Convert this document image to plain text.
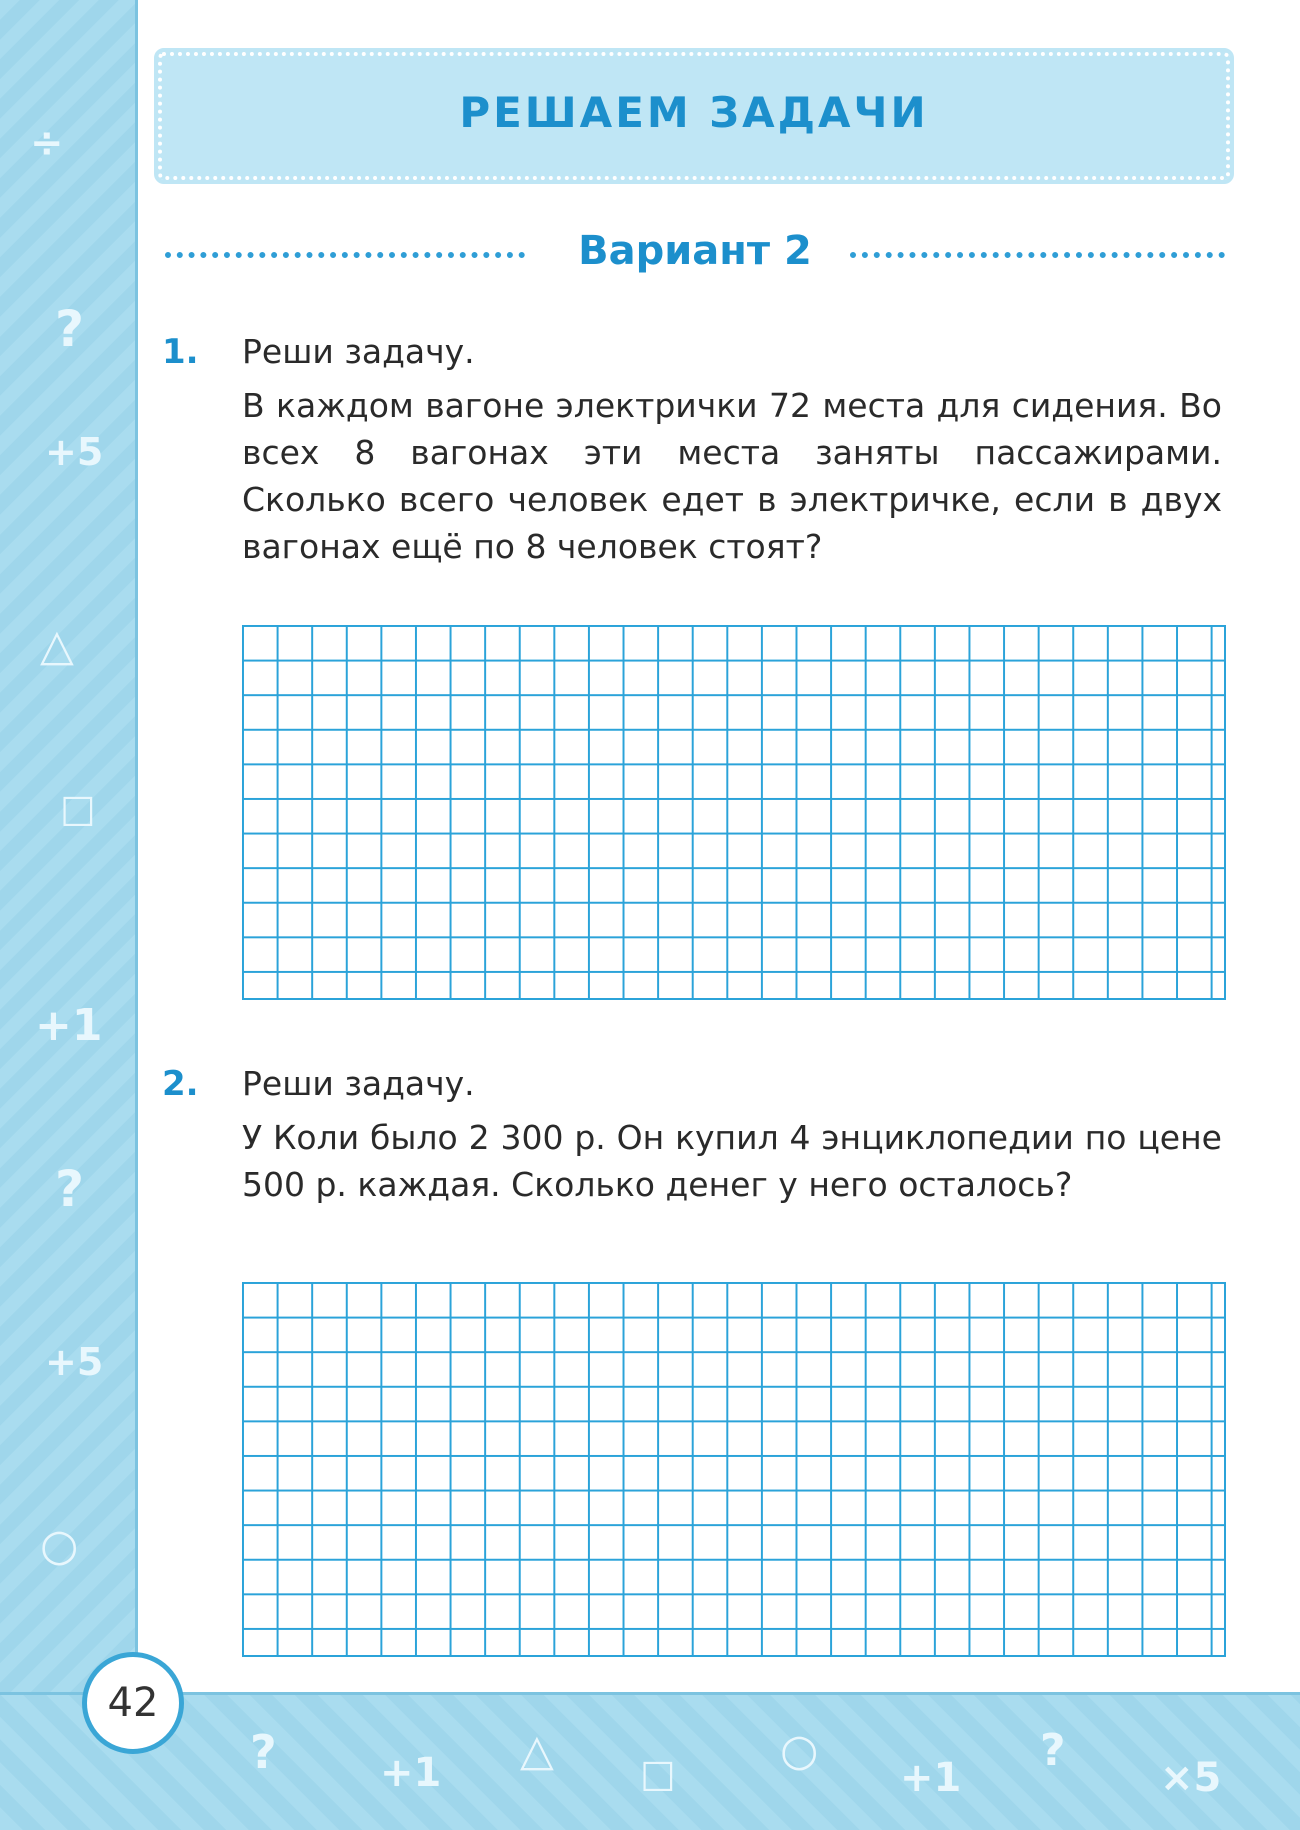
÷
?
+5
△
☐
+1
?
+5
○
?	+1 △
☐
○
+1
?
×5
42
РЕШАЕМ ЗАДАЧИ
Вариант 2
1. Реши задачу.
В каждом вагоне электрички 72 места для сидения. Во всех 8 вагонах эти места заняты пассажирами. Сколько всего человек едет в электричке, если в двух вагонах ещё по 8 человек стоят?
2. Реши задачу.
У Коли было 2 300 р. Он купил 4 энциклопедии по цене 500 р. каждая. Сколько денег у него осталось?
